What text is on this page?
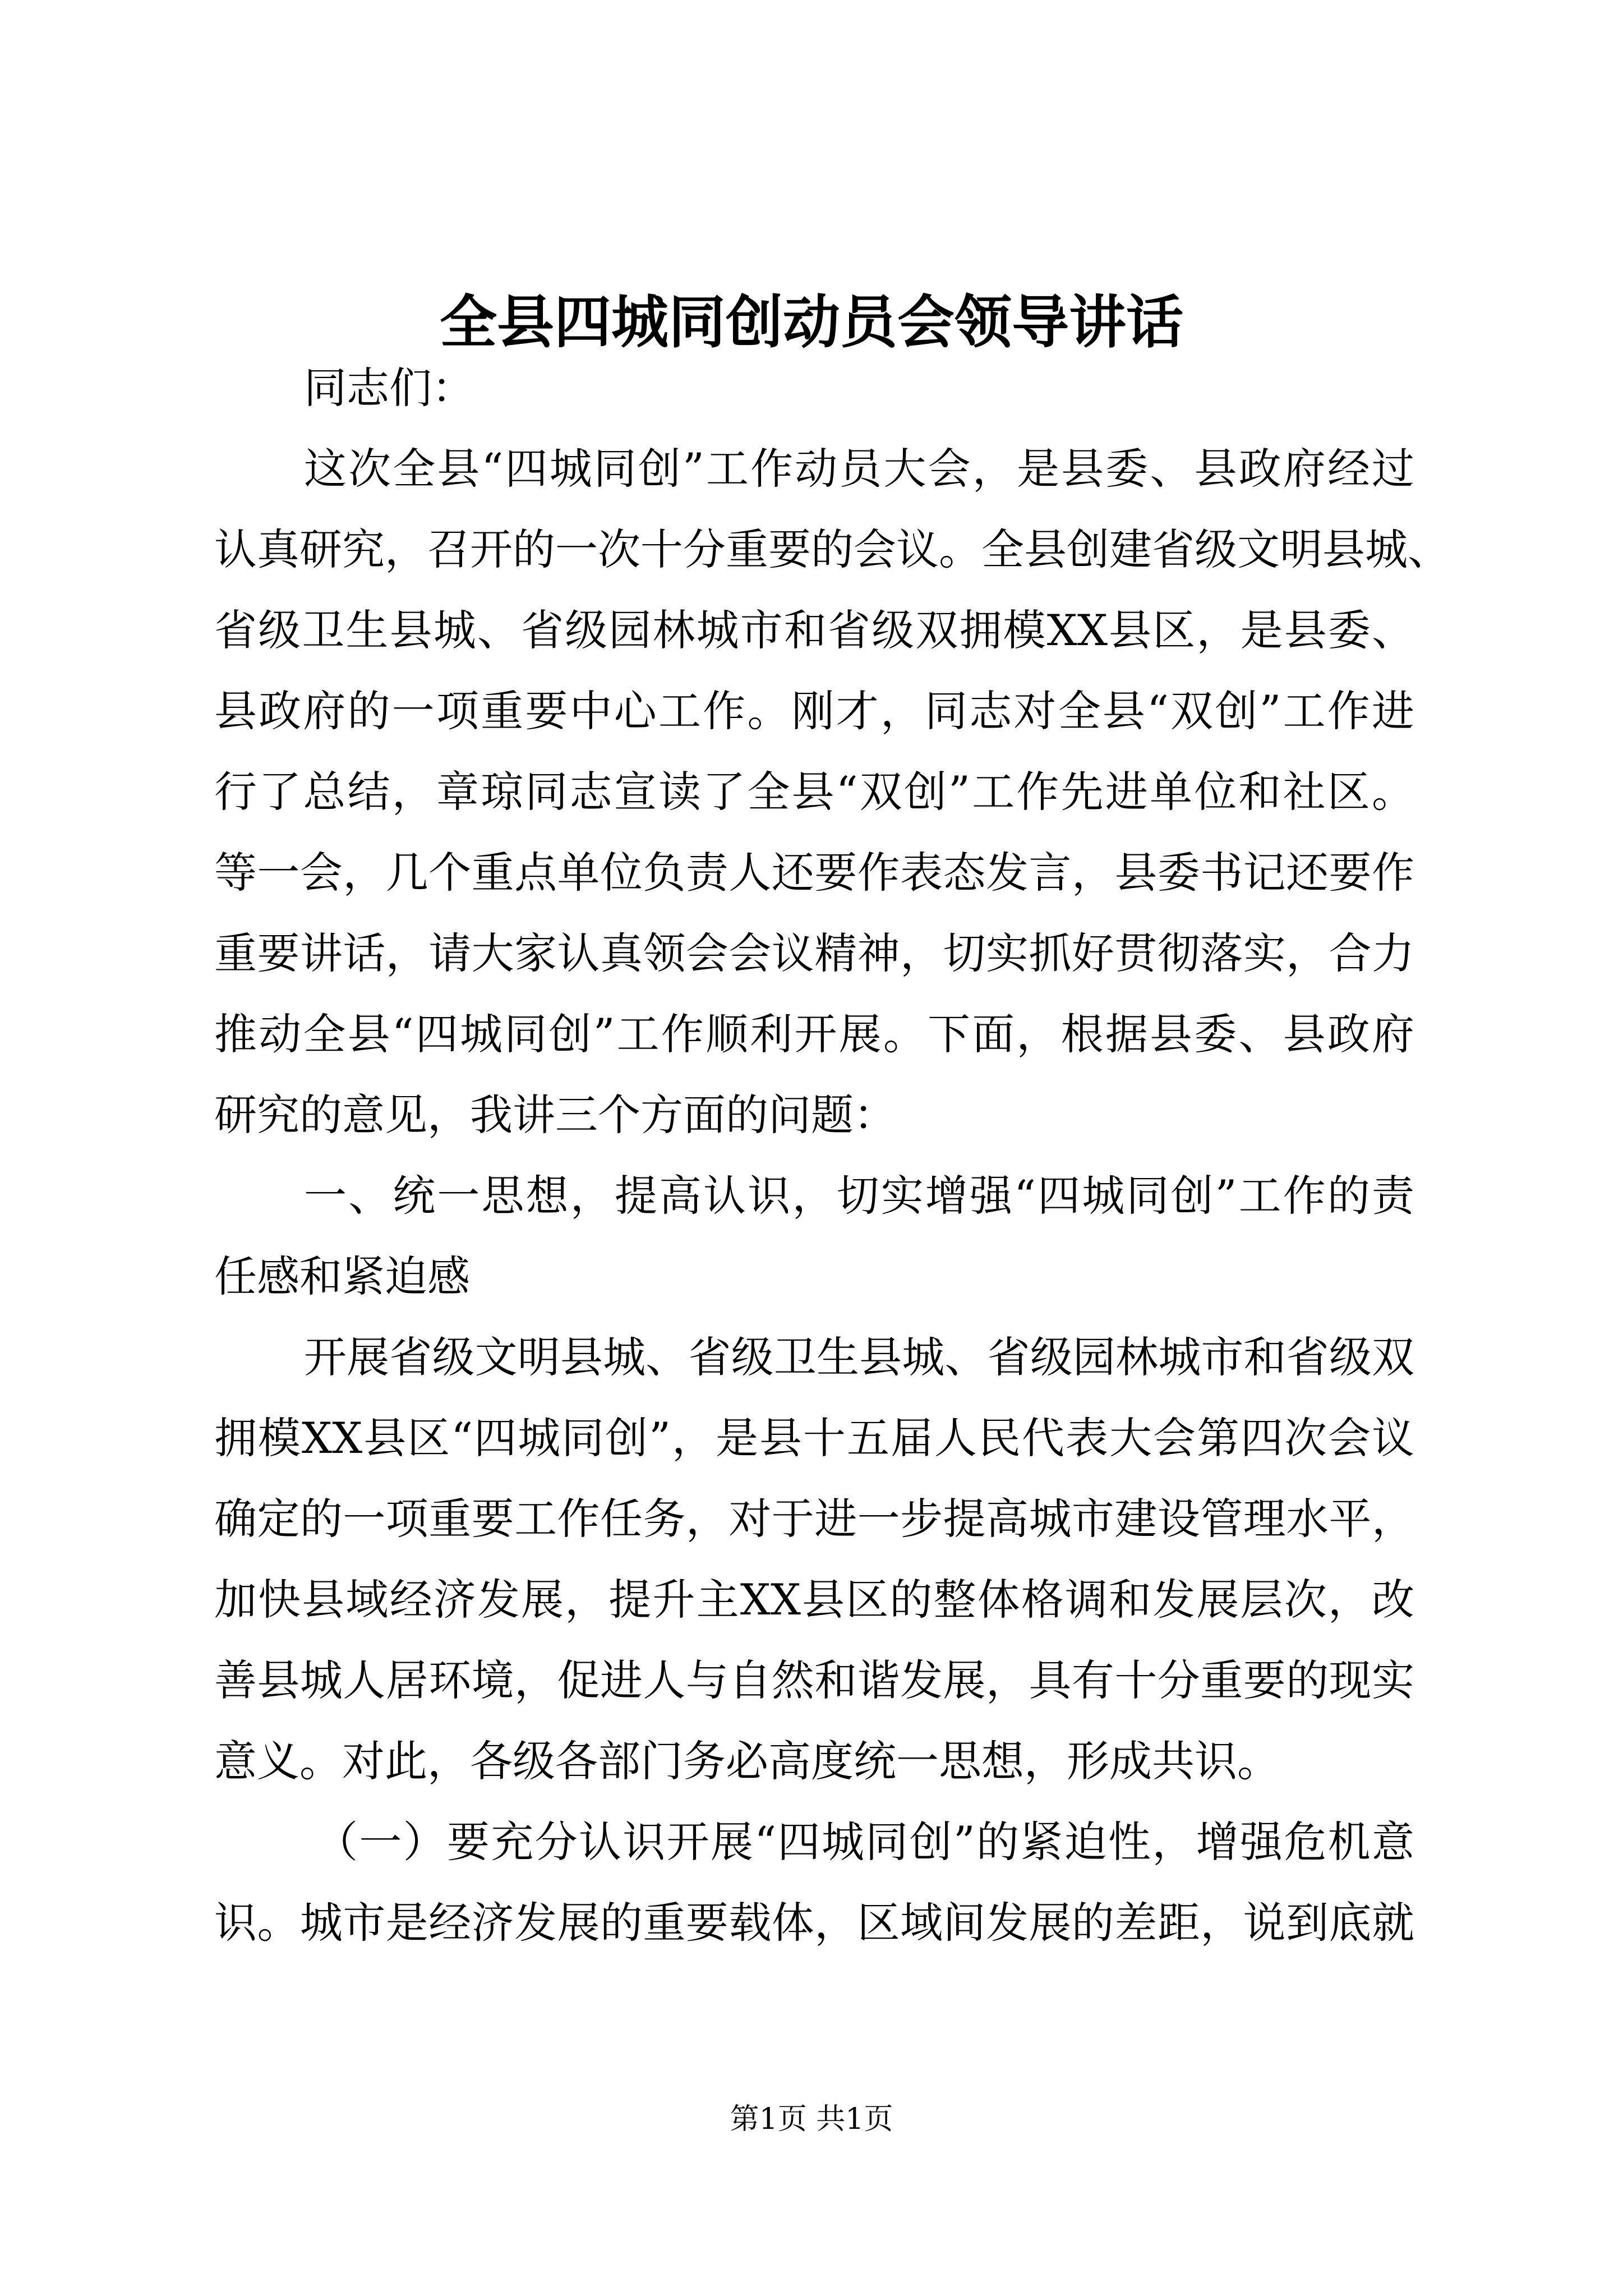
全县四城同创动员会领导讲话
同志们：
这次全县“四城同创”工作动员大会，是县委、县政府经过
认真研究，召开的一次十分重要的会议。全县创建省级文明县城、
省级卫生县城、省级园林城市和省级双拥模XX县区，是县委、
县政府的一项重要中心工作。刚才，同志对全县“双创”工作进
行了总结，章琼同志宣读了全县“双创”工作先进单位和社区。
等一会，几个重点单位负责人还要作表态发言，县委书记还要作
重要讲话，请大家认真领会会议精神，切实抓好贯彻落实，合力
推动全县“四城同创”工作顺利开展。下面，根据县委、县政府
研究的意见，我讲三个方面的问题：
一、统一思想，提高认识，切实增强“四城同创”工作的责
任感和紧迫感
开展省级文明县城、省级卫生县城、省级园林城市和省级双
拥模XX县区“四城同创”，是县十五届人民代表大会第四次会议
确定的一项重要工作任务，对于进一步提高城市建设管理水平，
加快县域经济发展，提升主XX县区的整体格调和发展层次，改
善县城人居环境，促进人与自然和谐发展，具有十分重要的现实
意义。对此，各级各部门务必高度统一思想，形成共识。
（一）要充分认识开展“四城同创”的紧迫性，增强危机意
识。城市是经济发展的重要载体，区域间发展的差距，说到底就
第1页 共1页
